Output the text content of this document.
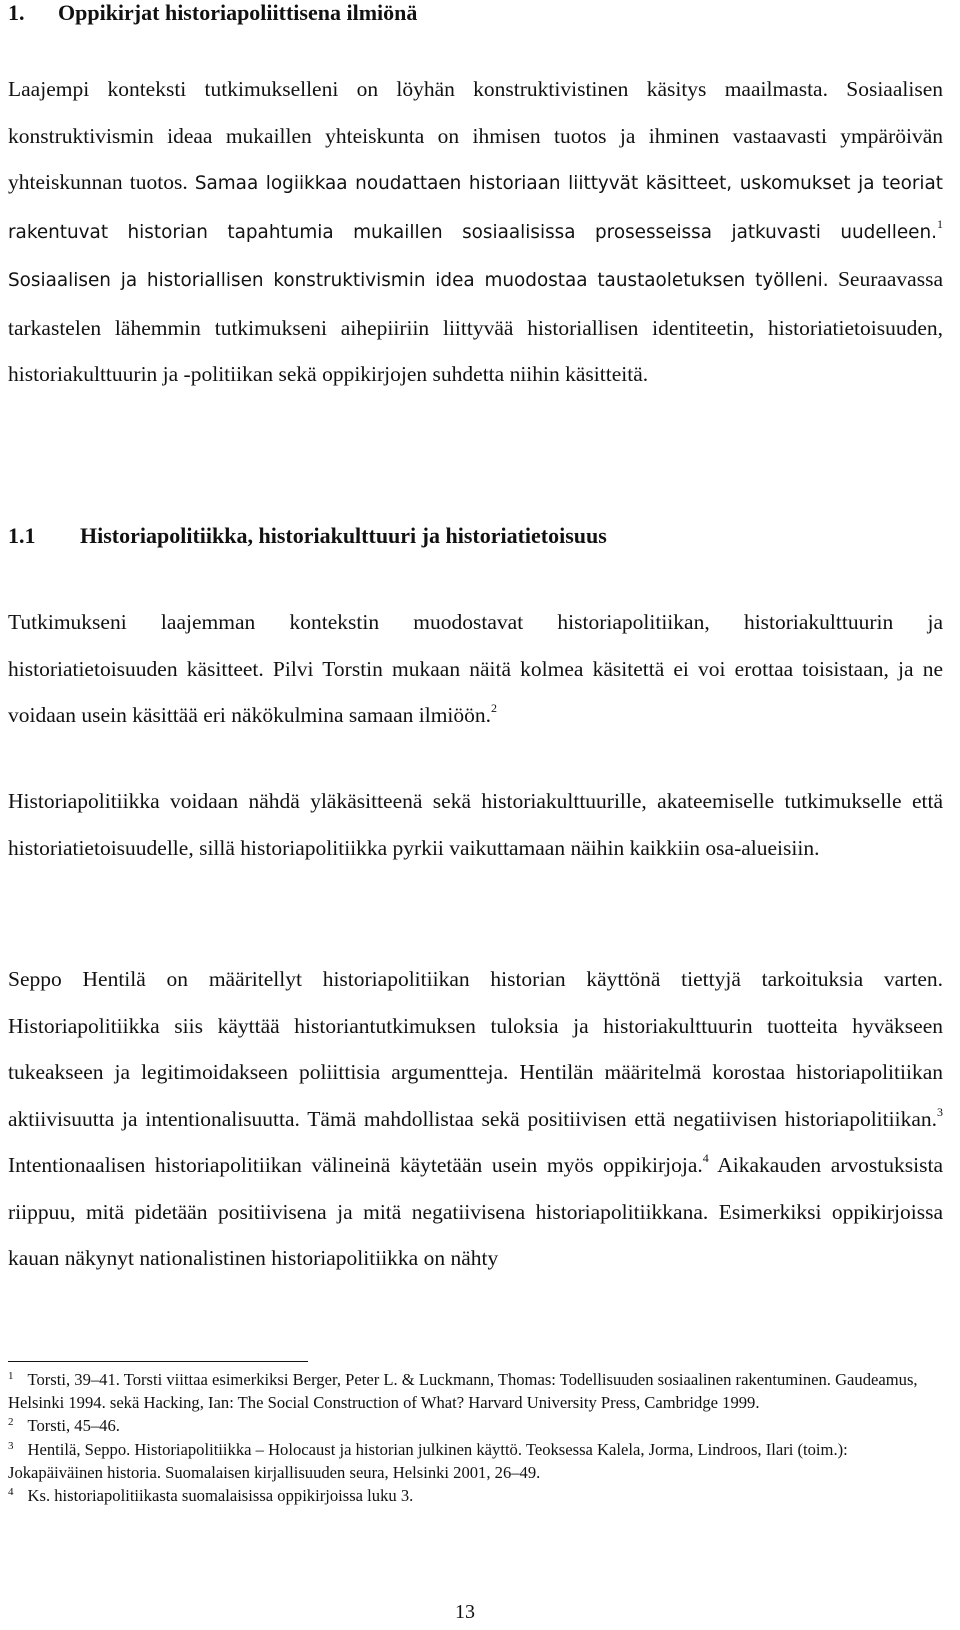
1. Oppikirjat historiapoliittisena ilmiönä
Laajempi konteksti tutkimukselleni on löyhän konstruktivistinen käsitys maailmasta. Sosiaalisen konstruktivismin ideaa mukaillen yhteiskunta on ihmisen tuotos ja ihminen vastaavasti ympäröivän yhteiskunnan tuotos. Samaa logiikkaa noudattaen historiaan liittyvät käsitteet, uskomukset ja teoriat rakentuvat historian tapahtumia mukaillen sosiaalisissa prosesseissa jatkuvasti uudelleen.$^1$ Sosiaalisen ja historiallisen konstruktivismin idea muodostaa taustaoletuksen työlleni. Seuraavassa tarkastelen lähemmin tutkimukseni aihepiiriin liittyvää historiallisen identiteetin, historiatietoisuuden, historiakulttuurin ja -politiikan sekä oppikirjojen suhdetta niihin käsitteitä.
1.1 Historiapolitiikka, historiakulttuuri ja historiatietoisuus
Tutkimukseni laajemman kontekstin muodostavat historiapolitiikan, historiakulttuurin ja historiatietoisuuden käsitteet. Pilvi Torstin mukaan näitä kolmea käsitettä ei voi erottaa toisistaan, ja ne voidaan usein käsittää eri näkökulmina samaan ilmiöön.$^2$
Historiapolitiikka voidaan nähdä yläkäsitteenä sekä historiakulttuurille, akateemiselle tutkimukselle että historiatietoisuudelle, sillä historiapolitiikka pyrkii vaikuttamaan näihin kaikkiin osa-alueisiin.
Seppo Hentilä on määritellyt historiapolitiikan historian käyttönä tiettyjä tarkoituksia varten. Historiapolitiikka siis käyttää historiantutkimuksen tuloksia ja historiakulttuurin tuotteita hyväkseen tukeakseen ja legitimoidakseen poliittisia argumentteja. Hentilän määritelmä korostaa historiapolitiikan aktiivisuutta ja intentionalisuutta. Tämä mahdollistaa sekä positiivisen että negatiivisen historiapolitiikan.$^3$ Intentionaalisen historiapolitiikan välineinä käytetään usein myös oppikirjoja.$^4$ Aikakauden arvostuksista riippuu, mitä pidetään positiivisena ja mitä negatiivisena historiapolitiikkana. Esimerkiksi oppikirjoissa kauan näkynyt nationalistinen historiapolitiikka on nähty
$^1$ Torsti, 39–41. Torsti viittaa esimerkiksi Berger, Peter L. & Luckmann, Thomas: Todellisuuden sosiaalinen rakentuminen. Gaudeamus, Helsinki 1994. sekä Hacking, Ian: The Social Construction of What? Harvard University Press, Cambridge 1999.
$^2$ Torsti, 45–46.
$^3$ Hentilä, Seppo. Historiapolitiikka – Holocaust ja historian julkinen käyttö. Teoksessa Kalela, Jorma, Lindroos, Ilari (toim.): Jokapäiväinen historia. Suomalaisen kirjallisuuden seura, Helsinki 2001, 26–49.
$^4$ Ks. historiapolitiikasta suomalaisissa oppikirjoissa luku 3.
13
